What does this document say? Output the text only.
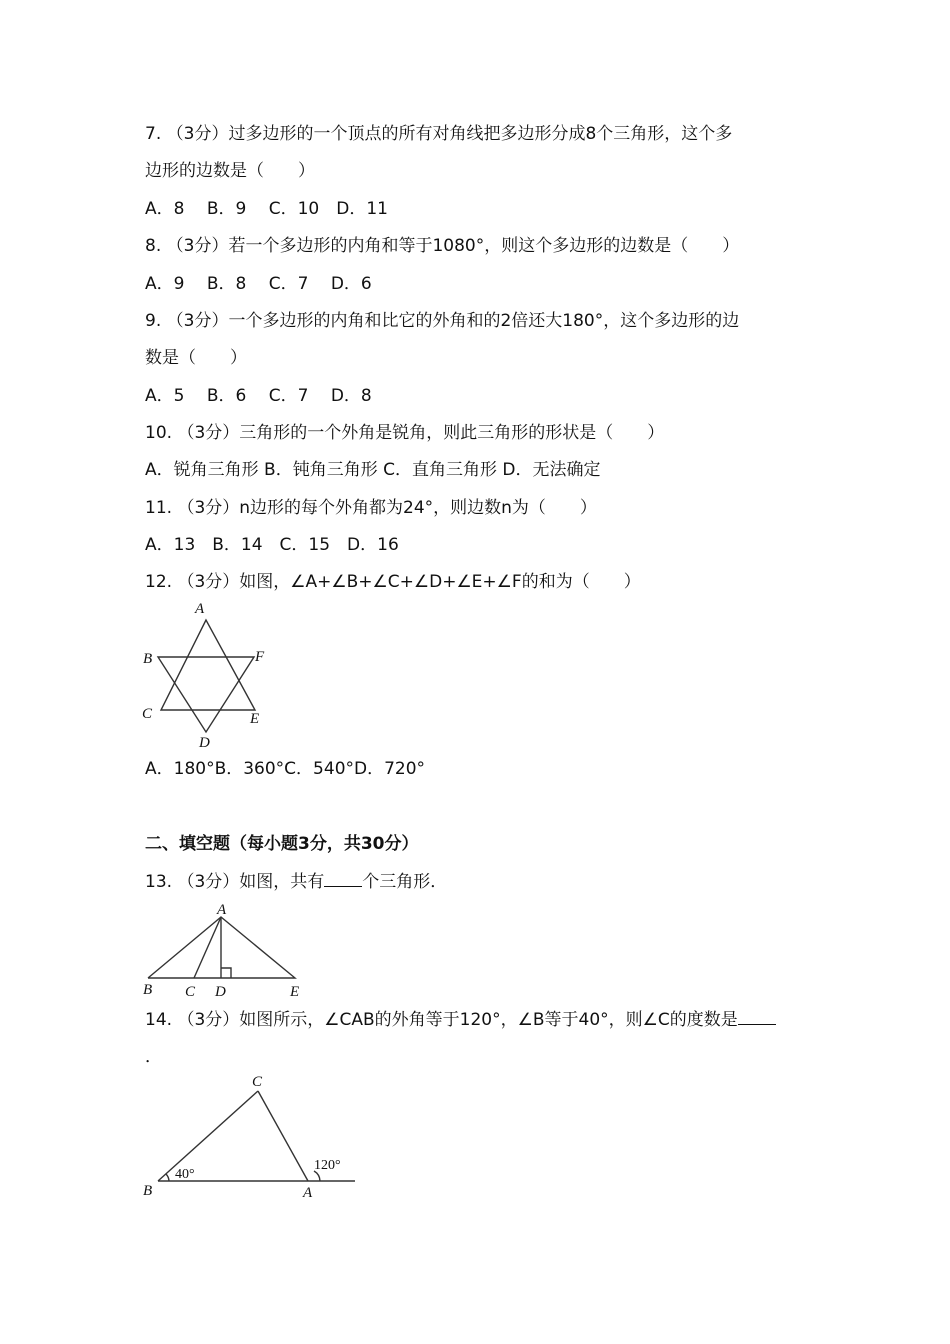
7. （3分）过多边形的一个顶点的所有对角线把多边形分成8个三角形，这个多
边形的边数是（　　）
A．8　 B．9　 C．10　D．11
8. （3分）若一个多边形的内角和等于1080°，则这个多边形的边数是（　　）
A．9　 B．8　 C．7　 D．6
9. （3分）一个多边形的内角和比它的外角和的2倍还大180°，这个多边形的边
数是（　　）
A．5　 B．6　 C．7　 D．8
10. （3分）三角形的一个外角是锐角，则此三角形的形状是（　　）
A．锐角三角形 B．钝角三角形 C．直角三角形 D．无法确定
11. （3分）n边形的每个外角都为24°，则边数n为（　　）
A．13　B．14　C．15　D．16
12. （3分）如图，∠A+∠B+∠C+∠D+∠E+∠F的和为（　　）
A
B	F
C	E
D
A．180°B．360°C．540°D．720°
二、填空题（每小题3分，共30分）
13. （3分）如图，共有 个三角形．
A
B C D	E
14. （3分）如图所示，∠CAB的外角等于120°，∠B等于40°，则∠C的度数是
．
C
B	A
40°
120°
